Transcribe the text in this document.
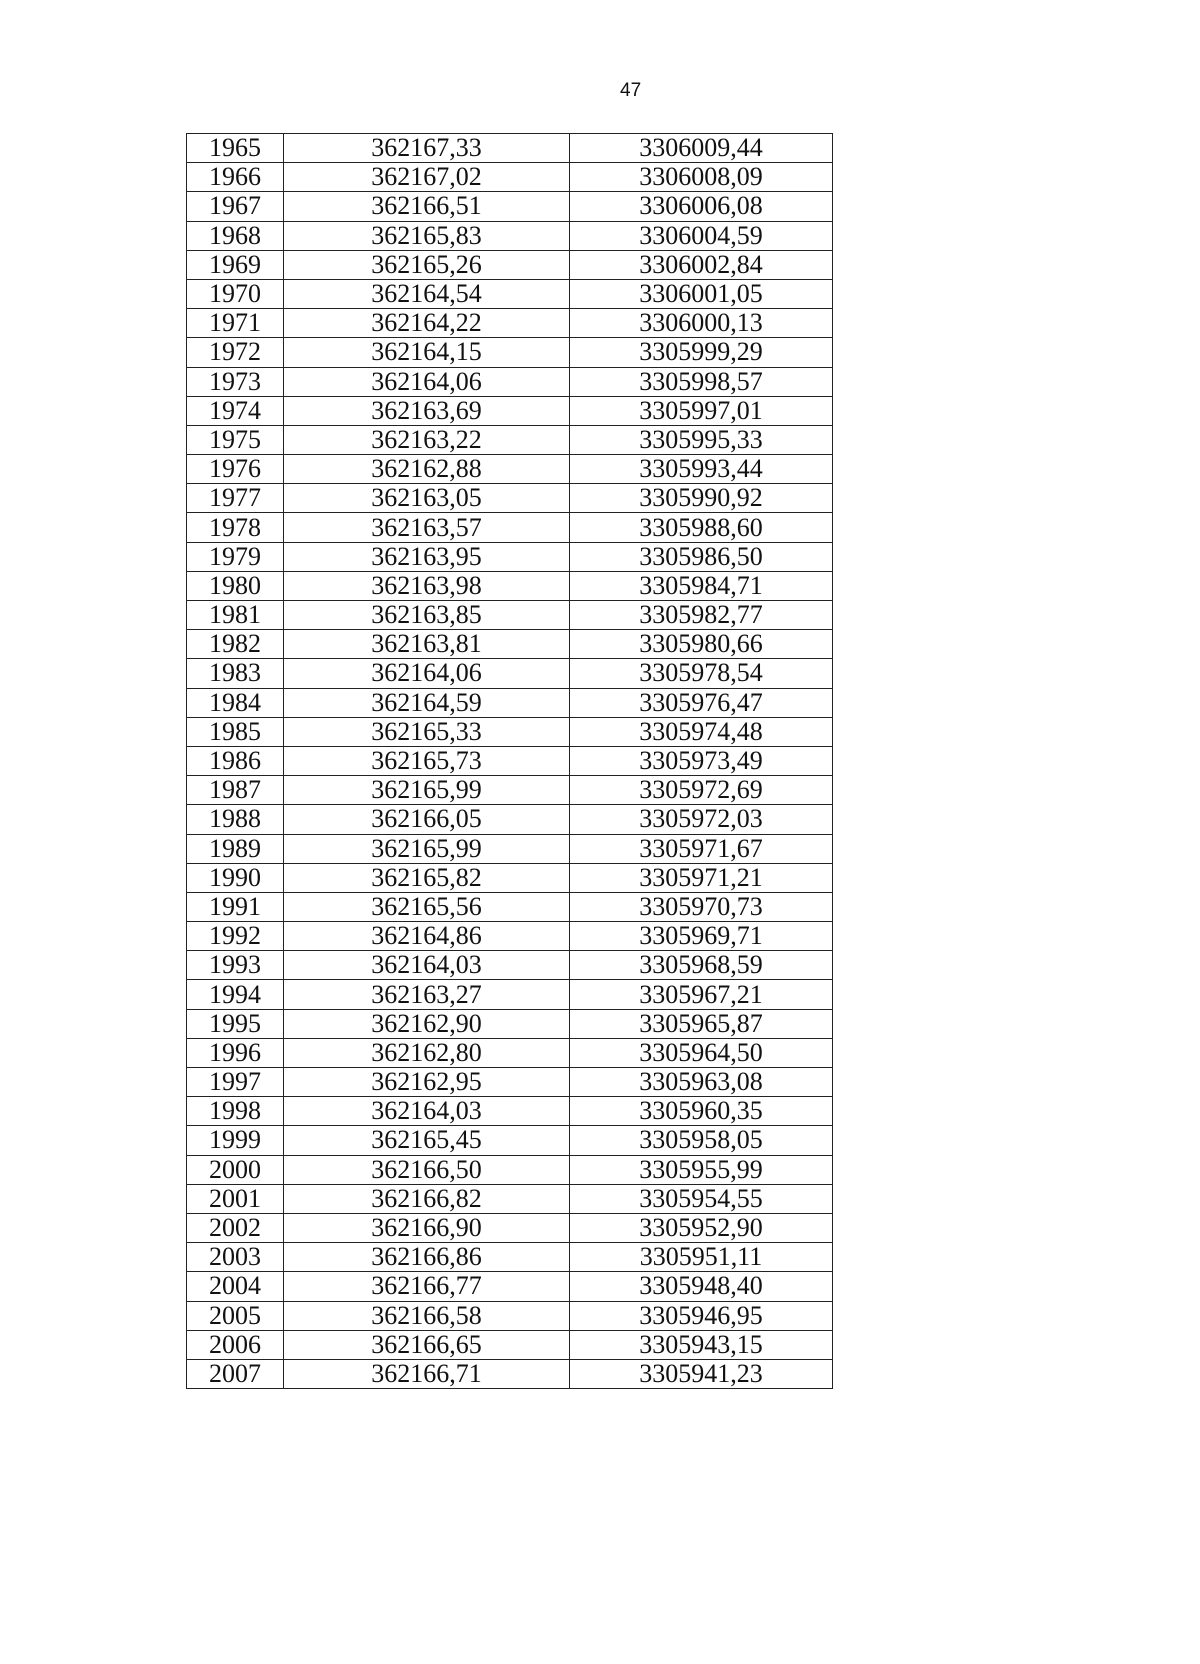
47
1965	362167,33	3306009,44
1966	362167,02	3306008,09
1967	362166,51	3306006,08
1968	362165,83	3306004,59
1969	362165,26	3306002,84
1970	362164,54	3306001,05
1971	362164,22	3306000,13
1972	362164,15	3305999,29
1973	362164,06	3305998,57
1974	362163,69	3305997,01
1975	362163,22	3305995,33
1976	362162,88	3305993,44
1977	362163,05	3305990,92
1978	362163,57	3305988,60
1979	362163,95	3305986,50
1980	362163,98	3305984,71
1981	362163,85	3305982,77
1982	362163,81	3305980,66
1983	362164,06	3305978,54
1984	362164,59	3305976,47
1985	362165,33	3305974,48
1986	362165,73	3305973,49
1987	362165,99	3305972,69
1988	362166,05	3305972,03
1989	362165,99	3305971,67
1990	362165,82	3305971,21
1991	362165,56	3305970,73
1992	362164,86	3305969,71
1993	362164,03	3305968,59
1994	362163,27	3305967,21
1995	362162,90	3305965,87
1996	362162,80	3305964,50
1997	362162,95	3305963,08
1998	362164,03	3305960,35
1999	362165,45	3305958,05
2000	362166,50	3305955,99
2001	362166,82	3305954,55
2002	362166,90	3305952,90
2003	362166,86	3305951,11
2004	362166,77	3305948,40
2005	362166,58	3305946,95
2006	362166,65	3305943,15
2007	362166,71	3305941,23
